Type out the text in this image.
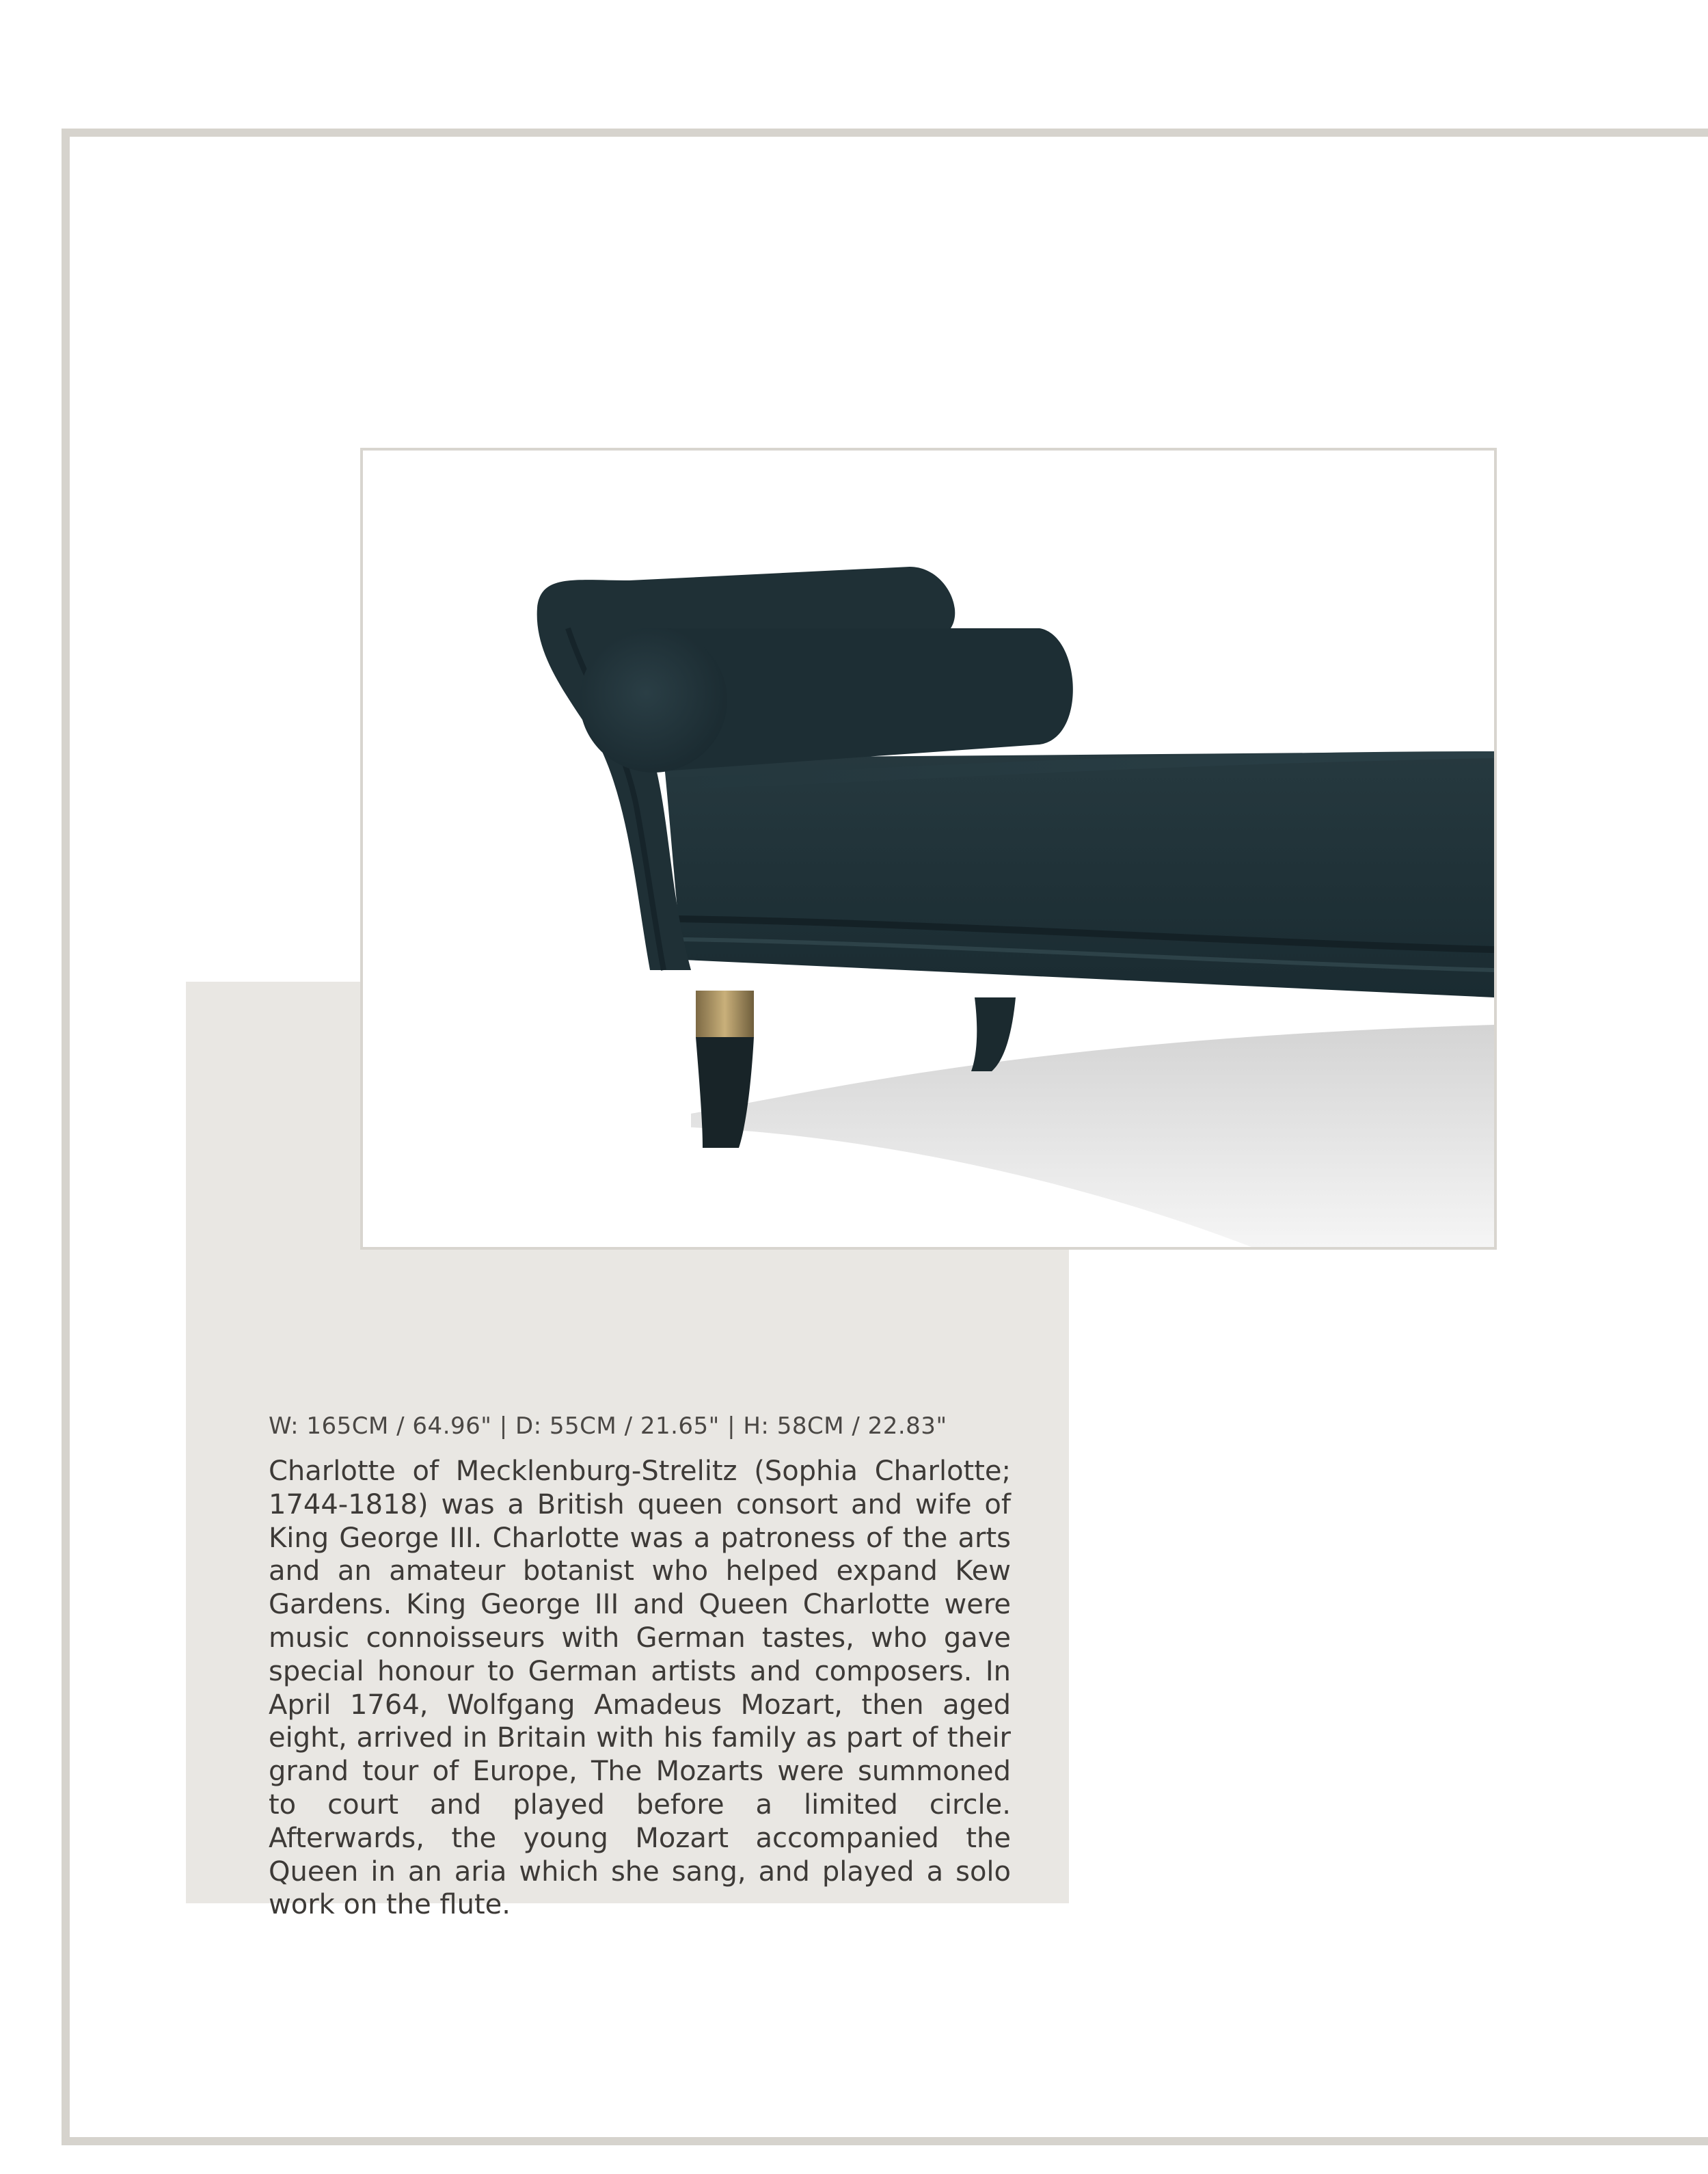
W: 165CM / 64.96" | D: 55CM / 21.65" | H: 58CM / 22.83"

Charlotte of Mecklenburg-Strelitz (Sophia Charlotte; 1744-1818) was a British queen consort and wife of King George III. Charlotte was a patroness of the arts and an amateur botanist who helped expand Kew Gardens. King George III and Queen Charlotte were music connoisseurs with German tastes, who gave special honour to German artists and composers. In April 1764, Wolfgang Amadeus Mozart, then aged eight, arrived in Britain with his family as part of their grand tour of Europe, The Mozarts were summoned to court and played before a limited circle. Afterwards, the young Mozart accompanied the Queen in an aria which she sang, and played a solo work on the flute.
